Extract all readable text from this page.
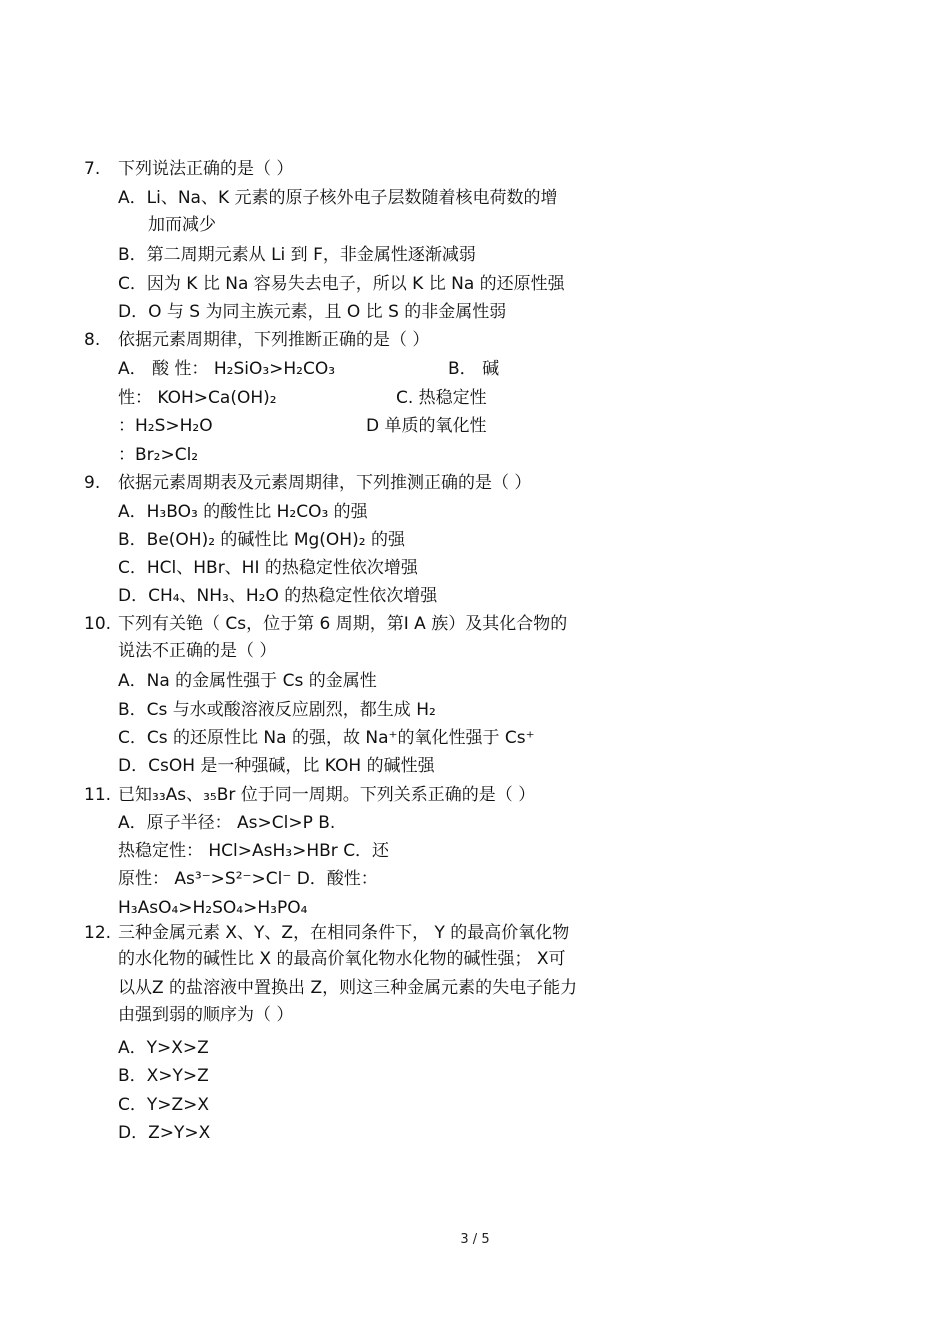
7. 下列说法正确的是（ ）
A．Li、Na、K 元素的原子核外电子层数随着核电荷数的增
加而减少
B．第二周期元素从 Li 到 F，非金属性逐渐减弱
C．因为 K 比 Na 容易失去电子，所以 K 比 Na 的还原性强
D．O 与 S 为同主族元素，且 O 比 S 的非金属性弱
8. 依据元素周期律，下列推断正确的是（ ）
A． 酸 性： H₂SiO₃>H₂CO₃	B． 碱
性： KOH>Ca(OH)₂	C. 热稳定性
：H₂S>H₂O	D 单质的氧化性
：Br₂>Cl₂
9. 依据元素周期表及元素周期律，下列推测正确的是（ ）
A．H₃BO₃ 的酸性比 H₂CO₃ 的强
B．Be(OH)₂ 的碱性比 Mg(OH)₂ 的强
C．HCl、HBr、HI 的热稳定性依次增强
D．CH₄、NH₃、H₂O 的热稳定性依次增强
10. 下列有关铯（ Cs，位于第 6 周期，第Ⅰ A 族）及其化合物的
说法不正确的是（ ）
A．Na 的金属性强于 Cs 的金属性
B．Cs 与水或酸溶液反应剧烈，都生成 H₂
C．Cs 的还原性比 Na 的强，故 Na⁺的氧化性强于 Cs⁺
D．CsOH 是一种强碱，比 KOH 的碱性强
11. 已知₃₃As、₃₅Br 位于同一周期。下列关系正确的是（ ）
A．原子半径： As>Cl>P B.
热稳定性： HCl>AsH₃>HBr C．还
原性： As³⁻>S²⁻>Cl⁻ D．酸性：
H₃AsO₄>H₂SO₄>H₃PO₄
12. 三种金属元素 X、Y、Z，在相同条件下， Y 的最高价氧化物
的水化物的碱性比 X 的最高价氧化物水化物的碱性强； X可
以从Z 的盐溶液中置换出 Z，则这三种金属元素的失电子能力
由强到弱的顺序为（ ）
A．Y>X>Z
B．X>Y>Z
C．Y>Z>X
D．Z>Y>X
3 / 5
